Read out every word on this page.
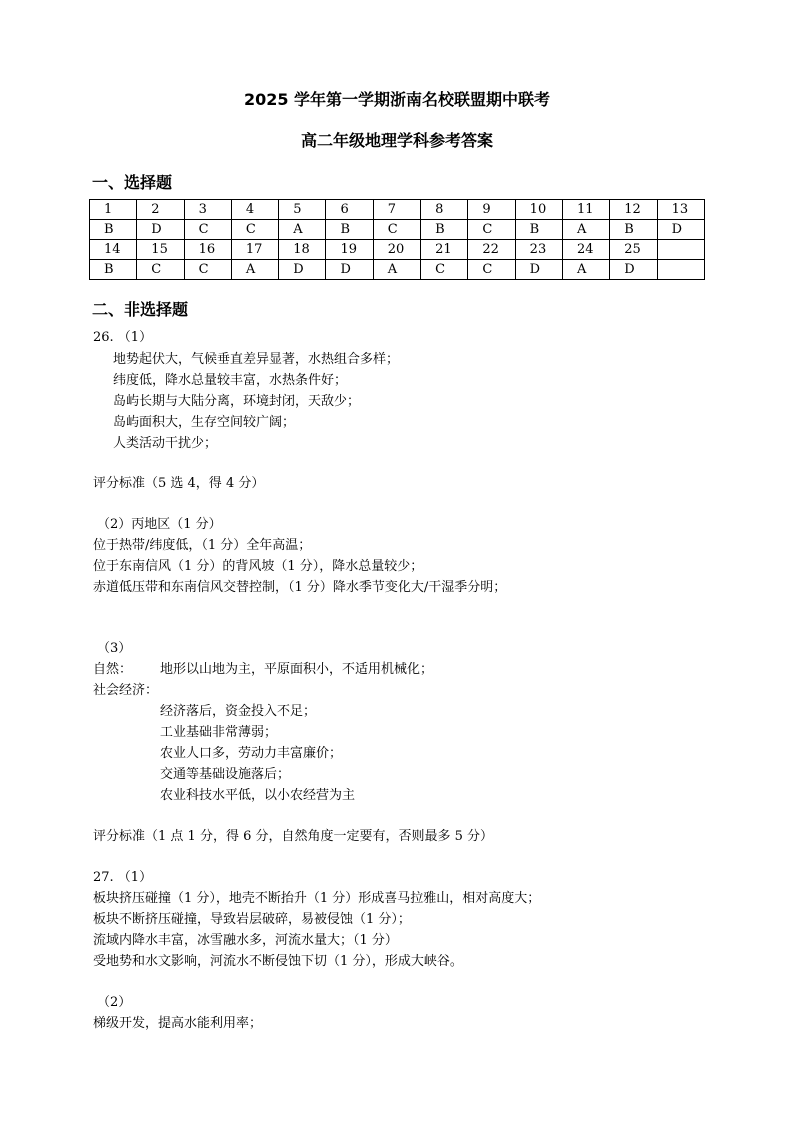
2025 学年第一学期浙南名校联盟期中联考
高二年级地理学科参考答案
一、选择题
1	2	3	4	5	6	7	8	9	10	11	12	13
B	D	C	C	A	B	C	B	C	B	A	B	D
14	15	16	17	18	19	20	21	22	23	24	25	
B	C	C	A	D	D	A	C	C	D	A	D	
二、非选择题
26. （1）
地势起伏大，气候垂直差异显著，水热组合多样；
纬度低，降水总量较丰富，水热条件好；
岛屿长期与大陆分离，环境封闭，天敌少；
岛屿面积大，生存空间较广阔；
人类活动干扰少；
评分标准（5 选 4，得 4 分）
（2）丙地区（1 分）
位于热带/纬度低，（1 分）全年高温；
位于东南信风（1 分）的背风坡（1 分），降水总量较少；
赤道低压带和东南信风交替控制，（1 分）降水季节变化大/干湿季分明；
（3）
自然： 地形以山地为主，平原面积小，不适用机械化；
社会经济：
经济落后，资金投入不足；
工业基础非常薄弱；
农业人口多，劳动力丰富廉价；
交通等基础设施落后；
农业科技水平低，以小农经营为主
评分标准（1 点 1 分，得 6 分，自然角度一定要有，否则最多 5 分）
27. （1）
板块挤压碰撞（1 分），地壳不断抬升（1 分）形成喜马拉雅山，相对高度大；
板块不断挤压碰撞，导致岩层破碎，易被侵蚀（1 分）；
流域内降水丰富，冰雪融水多，河流水量大；（1 分）
受地势和水文影响，河流水不断侵蚀下切（1 分），形成大峡谷。
（2）
梯级开发，提高水能利用率；
